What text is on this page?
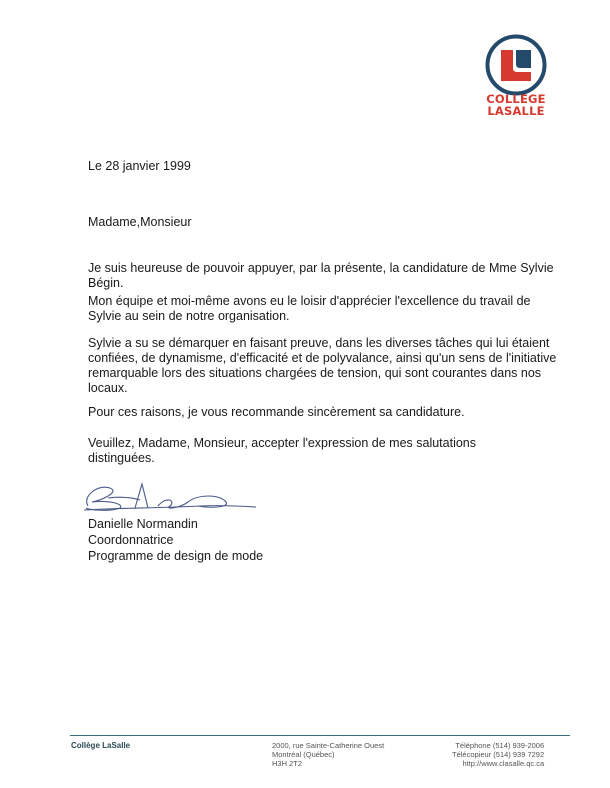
COLLEGE
LASALLE
Le 28 janvier 1999
Madame,Monsieur

Je suis heureuse de pouvoir appuyer, par la présente, la candidature de Mme Sylvie Bégin.

Mon équipe et moi-même avons eu le loisir d'apprécier l'excellence du travail de Sylvie au sein de notre organisation.

Sylvie a su se démarquer en faisant preuve, dans les diverses tâches qui lui étaient confiées, de dynamisme, d'efficacité et de polyvalance, ainsi qu'un sens de l'initiative remarquable lors des situations chargées de tension, qui sont courantes dans nos locaux.

Pour ces raisons, je vous recommande sincèrement sa candidature.

Veuillez, Madame, Monsieur, accepter l'expression de mes salutations distinguées.

Danielle Normandin
Coordonnatrice
Programme de design de mode
Collège LaSalle	2000, rue Sainte-Catherine Ouest
Montréal (Québec)
H3H 2T2
Téléphone (514) 939-2006
Télécopieur (514) 939 7292
http://www.clasalle.qc.ca
